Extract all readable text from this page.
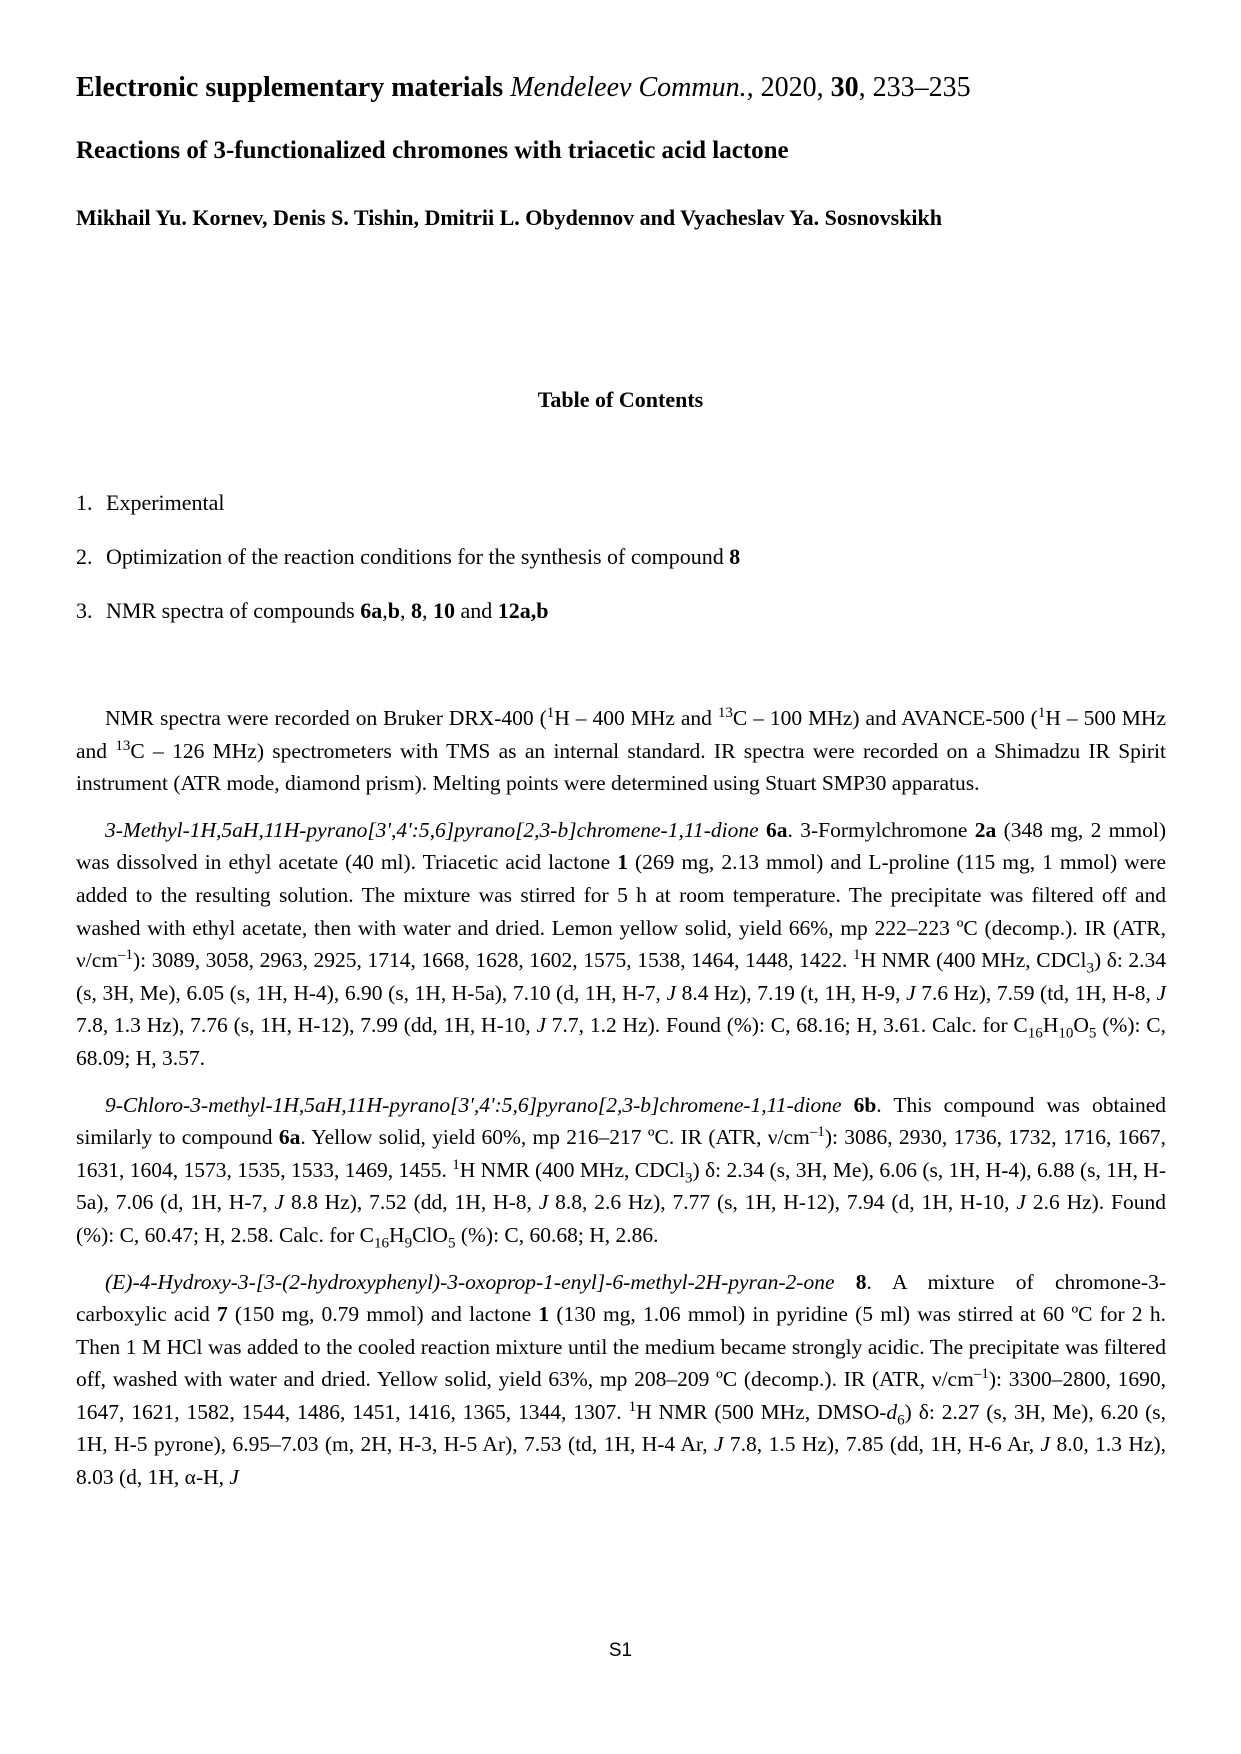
Electronic supplementary materials Mendeleev Commun., 2020, 30, 233–235
Reactions of 3-functionalized chromones with triacetic acid lactone
Mikhail Yu. Kornev, Denis S. Tishin, Dmitrii L. Obydennov and Vyacheslav Ya. Sosnovskikh
Table of Contents
1. Experimental
2. Optimization of the reaction conditions for the synthesis of compound 8
3. NMR spectra of compounds 6a,b, 8, 10 and 12a,b

NMR spectra were recorded on Bruker DRX-400 ($^1$H – 400 MHz and $^{13}$C – 100 MHz) and AVANCE-500 ($^1$H – 500 MHz and $^{13}$C – 126 MHz) spectrometers with TMS as an internal standard. IR spectra were recorded on a Shimadzu IR Spirit instrument (ATR mode, diamond prism). Melting points were determined using Stuart SMP30 apparatus.

3-Methyl-1H,5aH,11H-pyrano[3',4':5,6]pyrano[2,3-b]chromene-1,11-dione 6a. 3-Formylchromone 2a (348 mg, 2 mmol) was dissolved in ethyl acetate (40 ml). Triacetic acid lactone 1 (269 mg, 2.13 mmol) and L-proline (115 mg, 1 mmol) were added to the resulting solution. The mixture was stirred for 5 h at room temperature. The precipitate was filtered off and washed with ethyl acetate, then with water and dried. Lemon yellow solid, yield 66%, mp 222–223 ºC (decomp.). IR (ATR, $\nu/cm^{-1}$): 3089, 3058, 2963, 2925, 1714, 1668, 1628, 1602, 1575, 1538, 1464, 1448, 1422. $^1$H NMR (400 MHz, CDCl$_3$) δ: 2.34 (s, 3H, Me), 6.05 (s, 1H, H-4), 6.90 (s, 1H, H-5a), 7.10 (d, 1H, H-7, J 8.4 Hz), 7.19 (t, 1H, H-9, J 7.6 Hz), 7.59 (td, 1H, H-8, J 7.8, 1.3 Hz), 7.76 (s, 1H, H-12), 7.99 (dd, 1H, H-10, J 7.7, 1.2 Hz). Found (%): C, 68.16; H, 3.61. Calc. for $C_{16}H_{10}O_5$ (%): C, 68.09; H, 3.57.

9-Chloro-3-methyl-1H,5aH,11H-pyrano[3',4':5,6]pyrano[2,3-b]chromene-1,11-dione 6b. This compound was obtained similarly to compound 6a. Yellow solid, yield 60%, mp 216–217 ºC. IR (ATR, $\nu/cm^{-1}$): 3086, 2930, 1736, 1732, 1716, 1667, 1631, 1604, 1573, 1535, 1533, 1469, 1455. $^1$H NMR (400 MHz, CDCl$_3$) δ: 2.34 (s, 3H, Me), 6.06 (s, 1H, H-4), 6.88 (s, 1H, H-5a), 7.06 (d, 1H, H-7, J 8.8 Hz), 7.52 (dd, 1H, H-8, J 8.8, 2.6 Hz), 7.77 (s, 1H, H-12), 7.94 (d, 1H, H-10, J 2.6 Hz). Found (%): C, 60.47; H, 2.58. Calc. for $C_{16}H_9ClO_5$ (%): C, 60.68; H, 2.86.

(E)-4-Hydroxy-3-[3-(2-hydroxyphenyl)-3-oxoprop-1-enyl]-6-methyl-2H-pyran-2-one 8. A mixture of chromone-3-carboxylic acid 7 (150 mg, 0.79 mmol) and lactone 1 (130 mg, 1.06 mmol) in pyridine (5 ml) was stirred at 60 ºC for 2 h. Then 1 M HCl was added to the cooled reaction mixture until the medium became strongly acidic. The precipitate was filtered off, washed with water and dried. Yellow solid, yield 63%, mp 208–209 ºC (decomp.). IR (ATR, $\nu/cm^{-1}$): 3300–2800, 1690, 1647, 1621, 1582, 1544, 1486, 1451, 1416, 1365, 1344, 1307. $^1$H NMR (500 MHz, DMSO-$d_6$) δ: 2.27 (s, 3H, Me), 6.20 (s, 1H, H-5 pyrone), 6.95–7.03 (m, 2H, H-3, H-5 Ar), 7.53 (td, 1H, H-4 Ar, J 7.8, 1.5 Hz), 7.85 (dd, 1H, H-6 Ar, J 8.0, 1.3 Hz), 8.03 (d, 1H, α-H, J

S1
